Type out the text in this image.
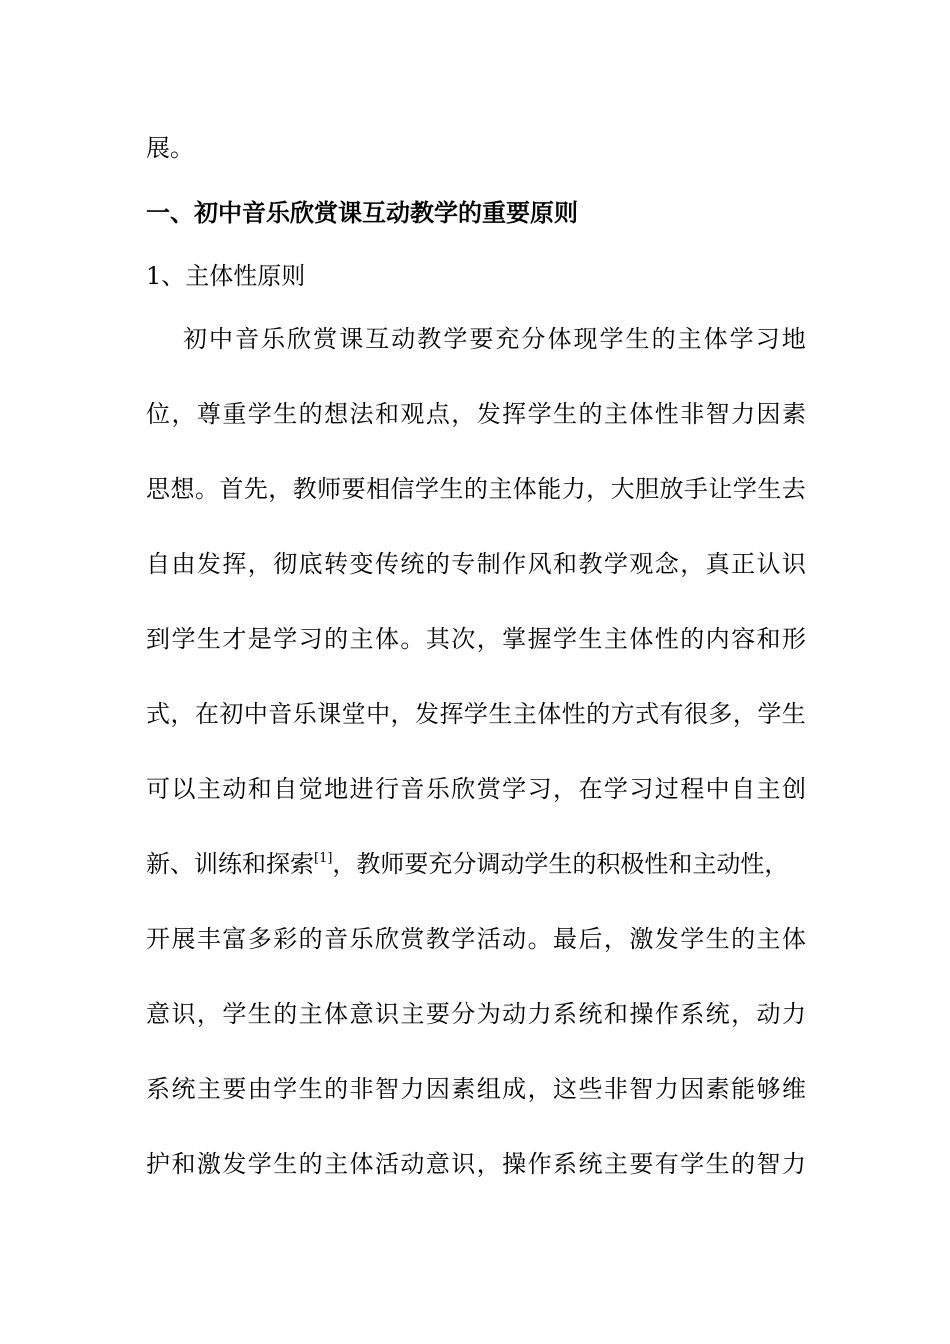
展。
一、初中音乐欣赏课互动教学的重要原则
1、主体性原则
初 中 音 乐 欣 赏 课 互 动 教 学 要 充 分 体 现 学 生 的 主 体 学 习 地
位 ， 尊 重 学 生 的 想 法 和 观 点 ， 发 挥 学 生 的 主 体 性 非 智 力 因 素
思 想 。 首 先 ， 教 师 要 相 信 学 生 的 主 体 能 力 ， 大 胆 放 手 让 学 生 去
自 由 发 挥 ， 彻 底 转 变 传 统 的 专 制 作 风 和 教 学 观 念 ， 真 正 认 识
到 学 生 才 是 学 习 的 主 体 。 其 次 ， 掌 握 学 生 主 体 性 的 内 容 和 形
式 ， 在 初 中 音 乐 课 堂 中 ， 发 挥 学 生 主 体 性 的 方 式 有 很 多 ， 学 生
可 以 主 动 和 自 觉 地 进 行 音 乐 欣 赏 学 习 ， 在 学 习 过 程 中 自 主 创
新、训练和探索[1]，教师要充分调动学生的积极性和主动性，
开 展 丰 富 多 彩 的 音 乐 欣 赏 教 学 活 动 。 最 后 ， 激 发 学 生 的 主 体
意 识 ， 学 生 的 主 体 意 识 主 要 分 为 动 力 系 统 和 操 作 系 统 ， 动 力
系 统 主 要 由 学 生 的 非 智 力 因 素 组 成 ， 这 些 非 智 力 因 素 能 够 维
护 和 激 发 学 生 的 主 体 活 动 意 识 ， 操 作 系 统 主 要 有 学 生 的 智 力
